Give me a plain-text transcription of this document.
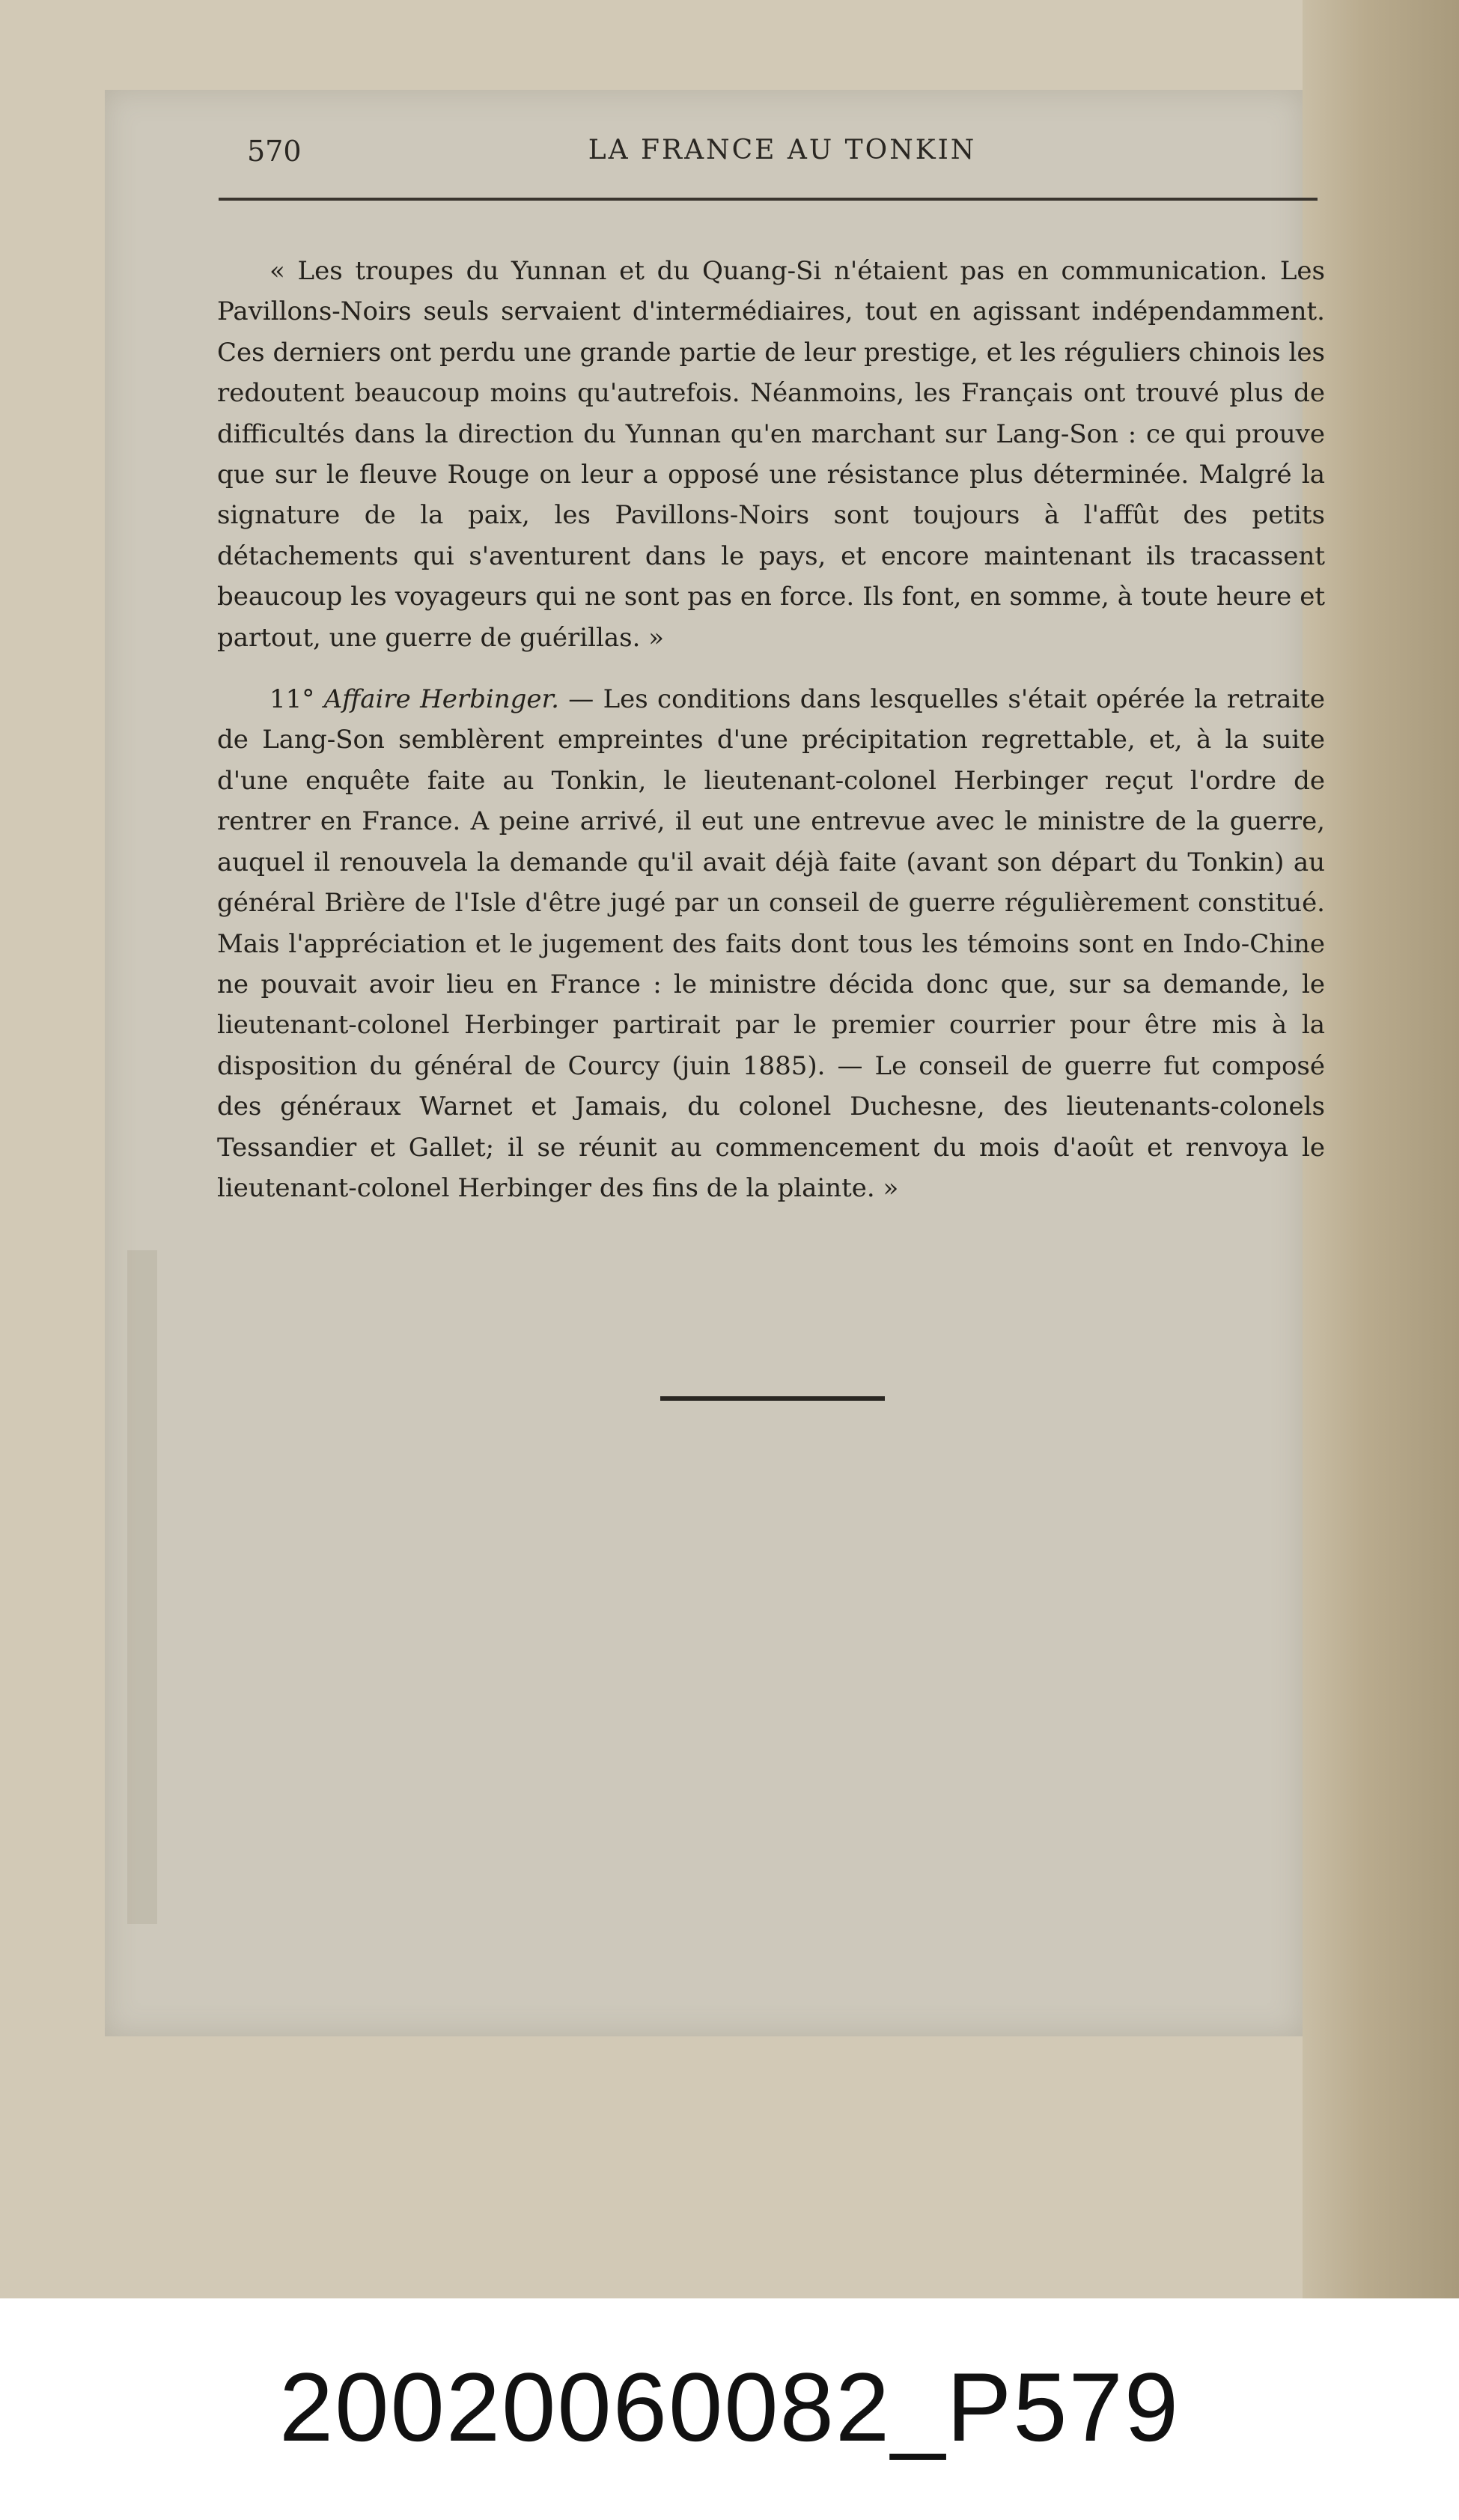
570	LA FRANCE AU TONKIN

« Les troupes du Yunnan et du Quang-Si n'étaient pas en communication. Les Pavillons-Noirs seuls servaient d'intermédiaires, tout en agissant indépendamment. Ces derniers ont perdu une grande partie de leur prestige, et les réguliers chinois les redoutent beaucoup moins qu'autrefois. Néanmoins, les Français ont trouvé plus de difficultés dans la direction du Yunnan qu'en marchant sur Lang-Son : ce qui prouve que sur le fleuve Rouge on leur a opposé une résistance plus déterminée. Malgré la signature de la paix, les Pavillons-Noirs sont toujours à l'affût des petits détachements qui s'aventurent dans le pays, et encore maintenant ils tracassent beaucoup les voyageurs qui ne sont pas en force. Ils font, en somme, à toute heure et partout, une guerre de guérillas. »

11° Affaire Herbinger. — Les conditions dans lesquelles s'était opérée la retraite de Lang-Son semblèrent empreintes d'une précipitation regrettable, et, à la suite d'une enquête faite au Tonkin, le lieutenant-colonel Herbinger reçut l'ordre de rentrer en France. A peine arrivé, il eut une entrevue avec le ministre de la guerre, auquel il renouvela la demande qu'il avait déjà faite (avant son départ du Tonkin) au général Brière de l'Isle d'être jugé par un conseil de guerre régulièrement constitué. Mais l'appréciation et le jugement des faits dont tous les témoins sont en Indo-Chine ne pouvait avoir lieu en France : le ministre décida donc que, sur sa demande, le lieutenant-colonel Herbinger partirait par le premier courrier pour être mis à la disposition du général de Courcy (juin 1885). — Le conseil de guerre fut composé des généraux Warnet et Jamais, du colonel Duchesne, des lieutenants-colonels Tessandier et Gallet; il se réunit au commencement du mois d'août et renvoya le lieutenant-colonel Herbinger des fins de la plainte. »

20020060082_P579
